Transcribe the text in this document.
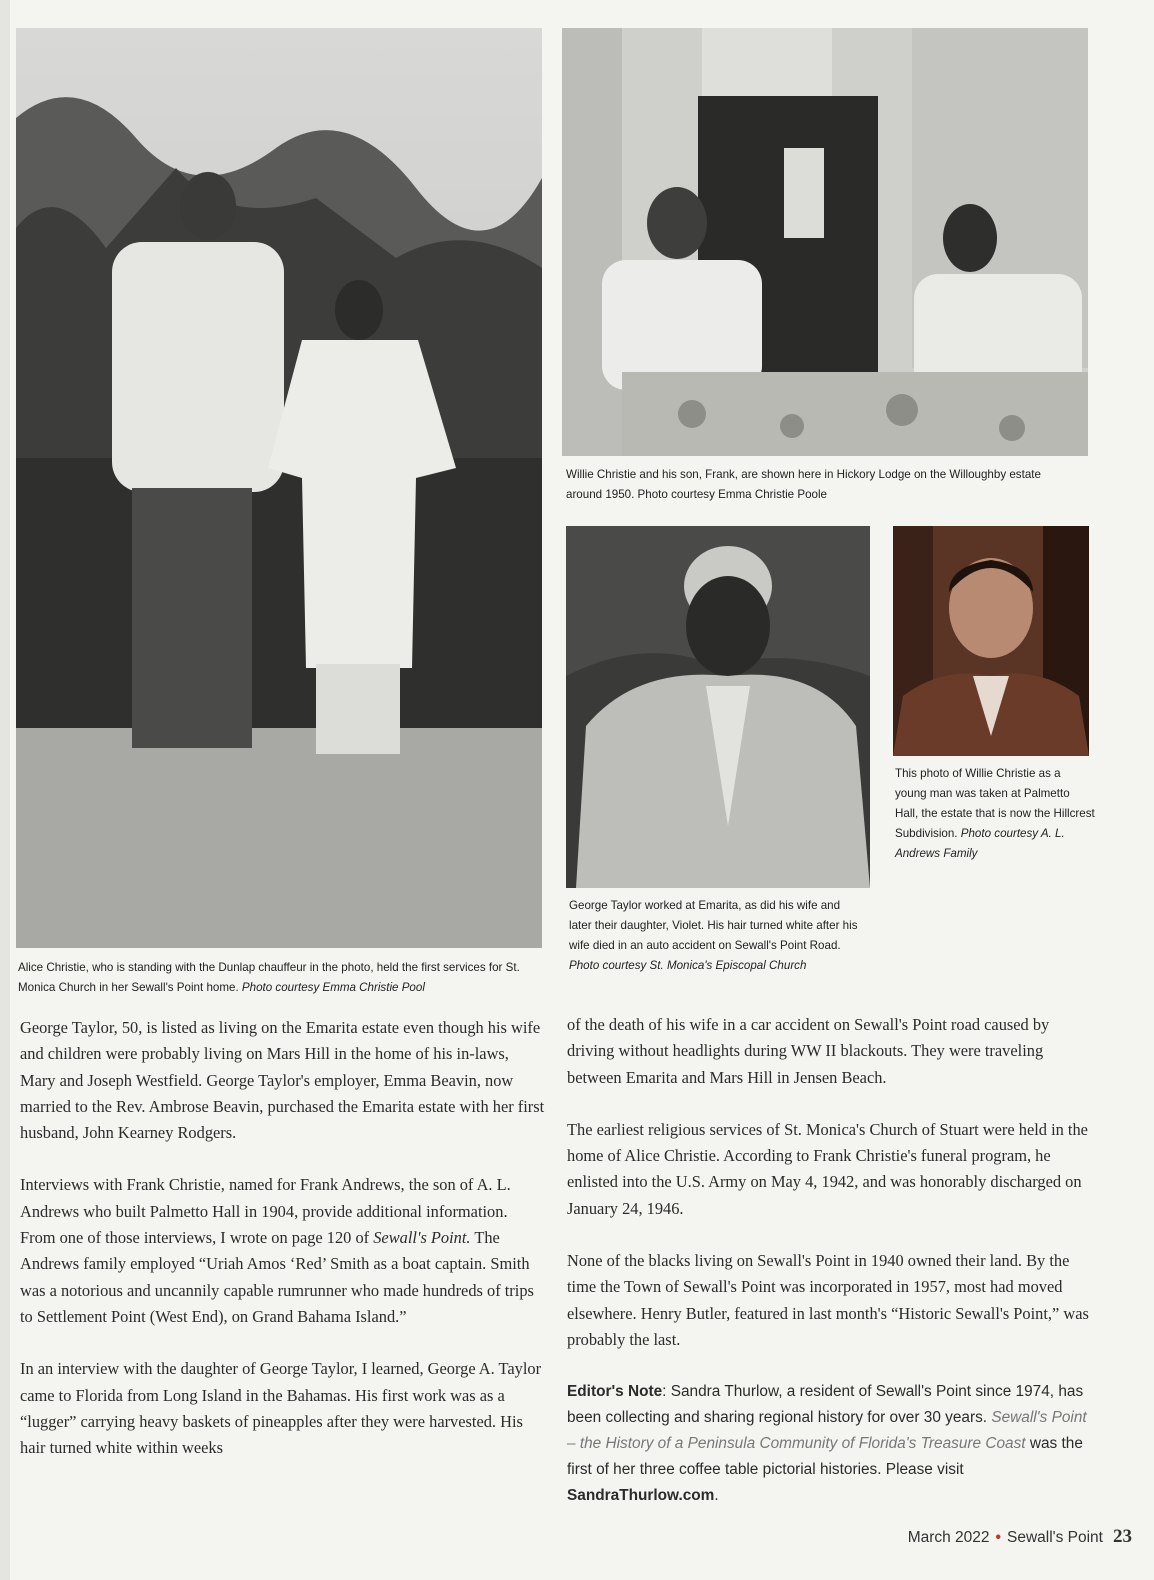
Willie Christie and his son, Frank, are shown here in Hickory Lodge on the Willoughby estate around 1950. Photo courtesy Emma Christie Poole
George Taylor worked at Emarita, as did his wife and later their daughter, Violet. His hair turned white after his wife died in an auto accident on Sewall's Point Road. Photo courtesy St. Monica's Episcopal Church
This photo of Willie Christie as a young man was taken at Palmetto Hall, the estate that is now the Hillcrest Subdivision. Photo courtesy A. L. Andrews Family
Alice Christie, who is standing with the Dunlap chauffeur in the photo, held the first services for St. Monica Church in her Sewall's Point home. Photo courtesy Emma Christie Pool

George Taylor, 50, is listed as living on the Emarita estate even though his wife and children were probably living on Mars Hill in the home of his in-laws, Mary and Joseph Westfield. George Taylor's employer, Emma Beavin, now married to the Rev. Ambrose Beavin, purchased the Emarita estate with her first husband, John Kearney Rodgers.

Interviews with Frank Christie, named for Frank Andrews, the son of A. L. Andrews who built Palmetto Hall in 1904, provide additional information. From one of those interviews, I wrote on page 120 of Sewall's Point. The Andrews family employed “Uriah Amos ‘Red’ Smith as a boat captain. Smith was a notorious and uncannily capable rumrunner who made hundreds of trips to Settlement Point (West End), on Grand Bahama Island.”

In an interview with the daughter of George Taylor, I learned, George A. Taylor came to Florida from Long Island in the Bahamas. His first work was as a “lugger” carrying heavy baskets of pineapples after they were harvested. His hair turned white within weeks

of the death of his wife in a car accident on Sewall's Point road caused by driving without headlights during WW II blackouts. They were traveling between Emarita and Mars Hill in Jensen Beach.

The earliest religious services of St. Monica's Church of Stuart were held in the home of Alice Christie. According to Frank Christie's funeral program, he enlisted into the U.S. Army on May 4, 1942, and was honorably discharged on January 24, 1946.

None of the blacks living on Sewall's Point in 1940 owned their land. By the time the Town of Sewall's Point was incorporated in 1957, most had moved elsewhere. Henry Butler, featured in last month's “Historic Sewall's Point,” was probably the last.

Editor's Note: Sandra Thurlow, a resident of Sewall's Point since 1974, has been collecting and sharing regional history for over 30 years. Sewall's Point – the History of a Peninsula Community of Florida's Treasure Coast was the first of her three coffee table pictorial histories. Please visit SandraThurlow.com.

March 2022 • Sewall's Point 23
